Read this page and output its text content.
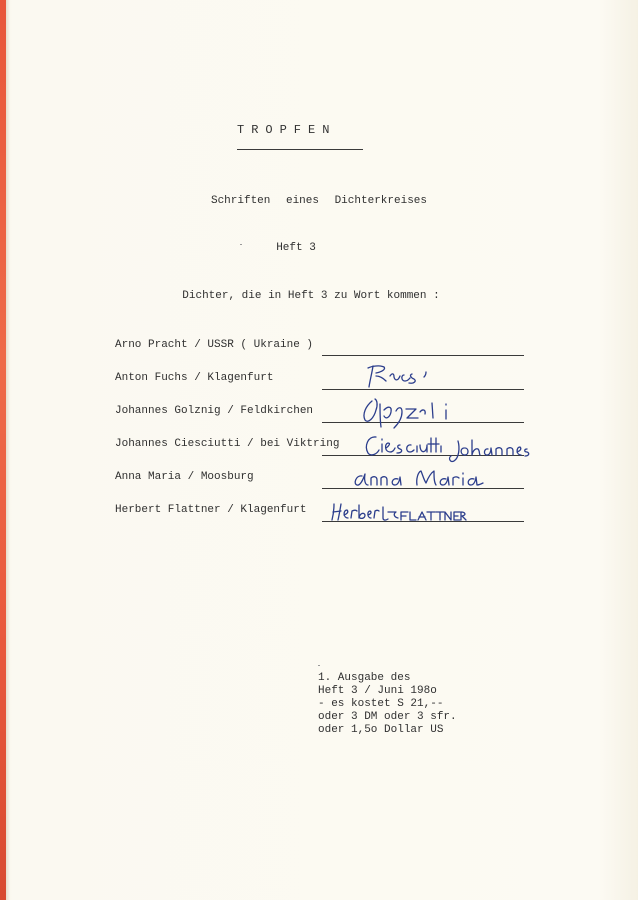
TROPFEN
Schriften eines Dichterkreises
Heft 3
Dichter, die in Heft 3 zu Wort kommen :
Arno Pracht / USSR ( Ukraine )
Anton Fuchs / Klagenfurt
Johannes Golznig / Feldkirchen
Johannes Ciesciutti / bei Viktring
Anna Maria / Moosburg
Herbert Flattner / Klagenfurt
1. Ausgabe des
Heft 3 / Juni 198o
- es kostet S 21,--
oder 3 DM oder 3 sfr.
oder 1,5o Dollar US
